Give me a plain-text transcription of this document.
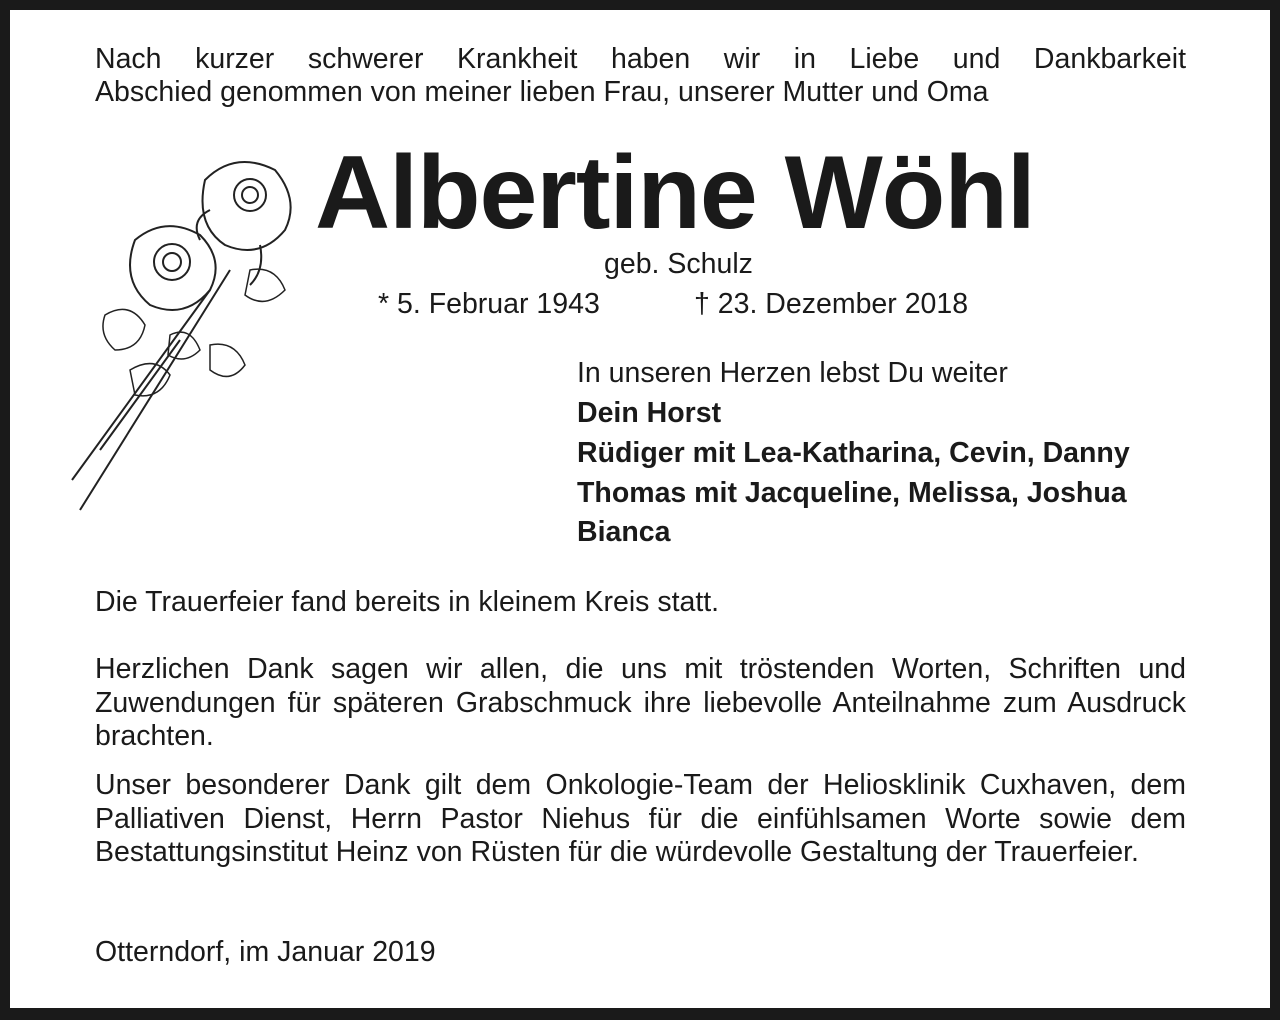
Nach kurzer schwerer Krankheit haben wir in Liebe und Dankbarkeit
Abschied genommen von meiner lieben Frau, unserer Mutter und Oma
Albertine Wöhl
geb. Schulz
* 5. Februar 1943	† 23. Dezember 2018
In unseren Herzen lebst Du weiter
Dein Horst
Rüdiger mit Lea-Katharina, Cevin, Danny
Thomas mit Jacqueline, Melissa, Joshua
Bianca
Die Trauerfeier fand bereits in kleinem Kreis statt.
Herzlichen Dank sagen wir allen, die uns mit tröstenden Worten, Schriften und Zuwendungen für späteren Grabschmuck ihre liebevolle Anteilnahme zum Ausdruck brachten.
Unser besonderer Dank gilt dem Onkologie-Team der Heliosklinik Cuxhaven, dem Palliativen Dienst, Herrn Pastor Niehus für die einfühlsamen Worte sowie dem Bestattungsinstitut Heinz von Rüsten für die würdevolle Gestaltung der Trauerfeier.
Otterndorf, im Januar 2019
